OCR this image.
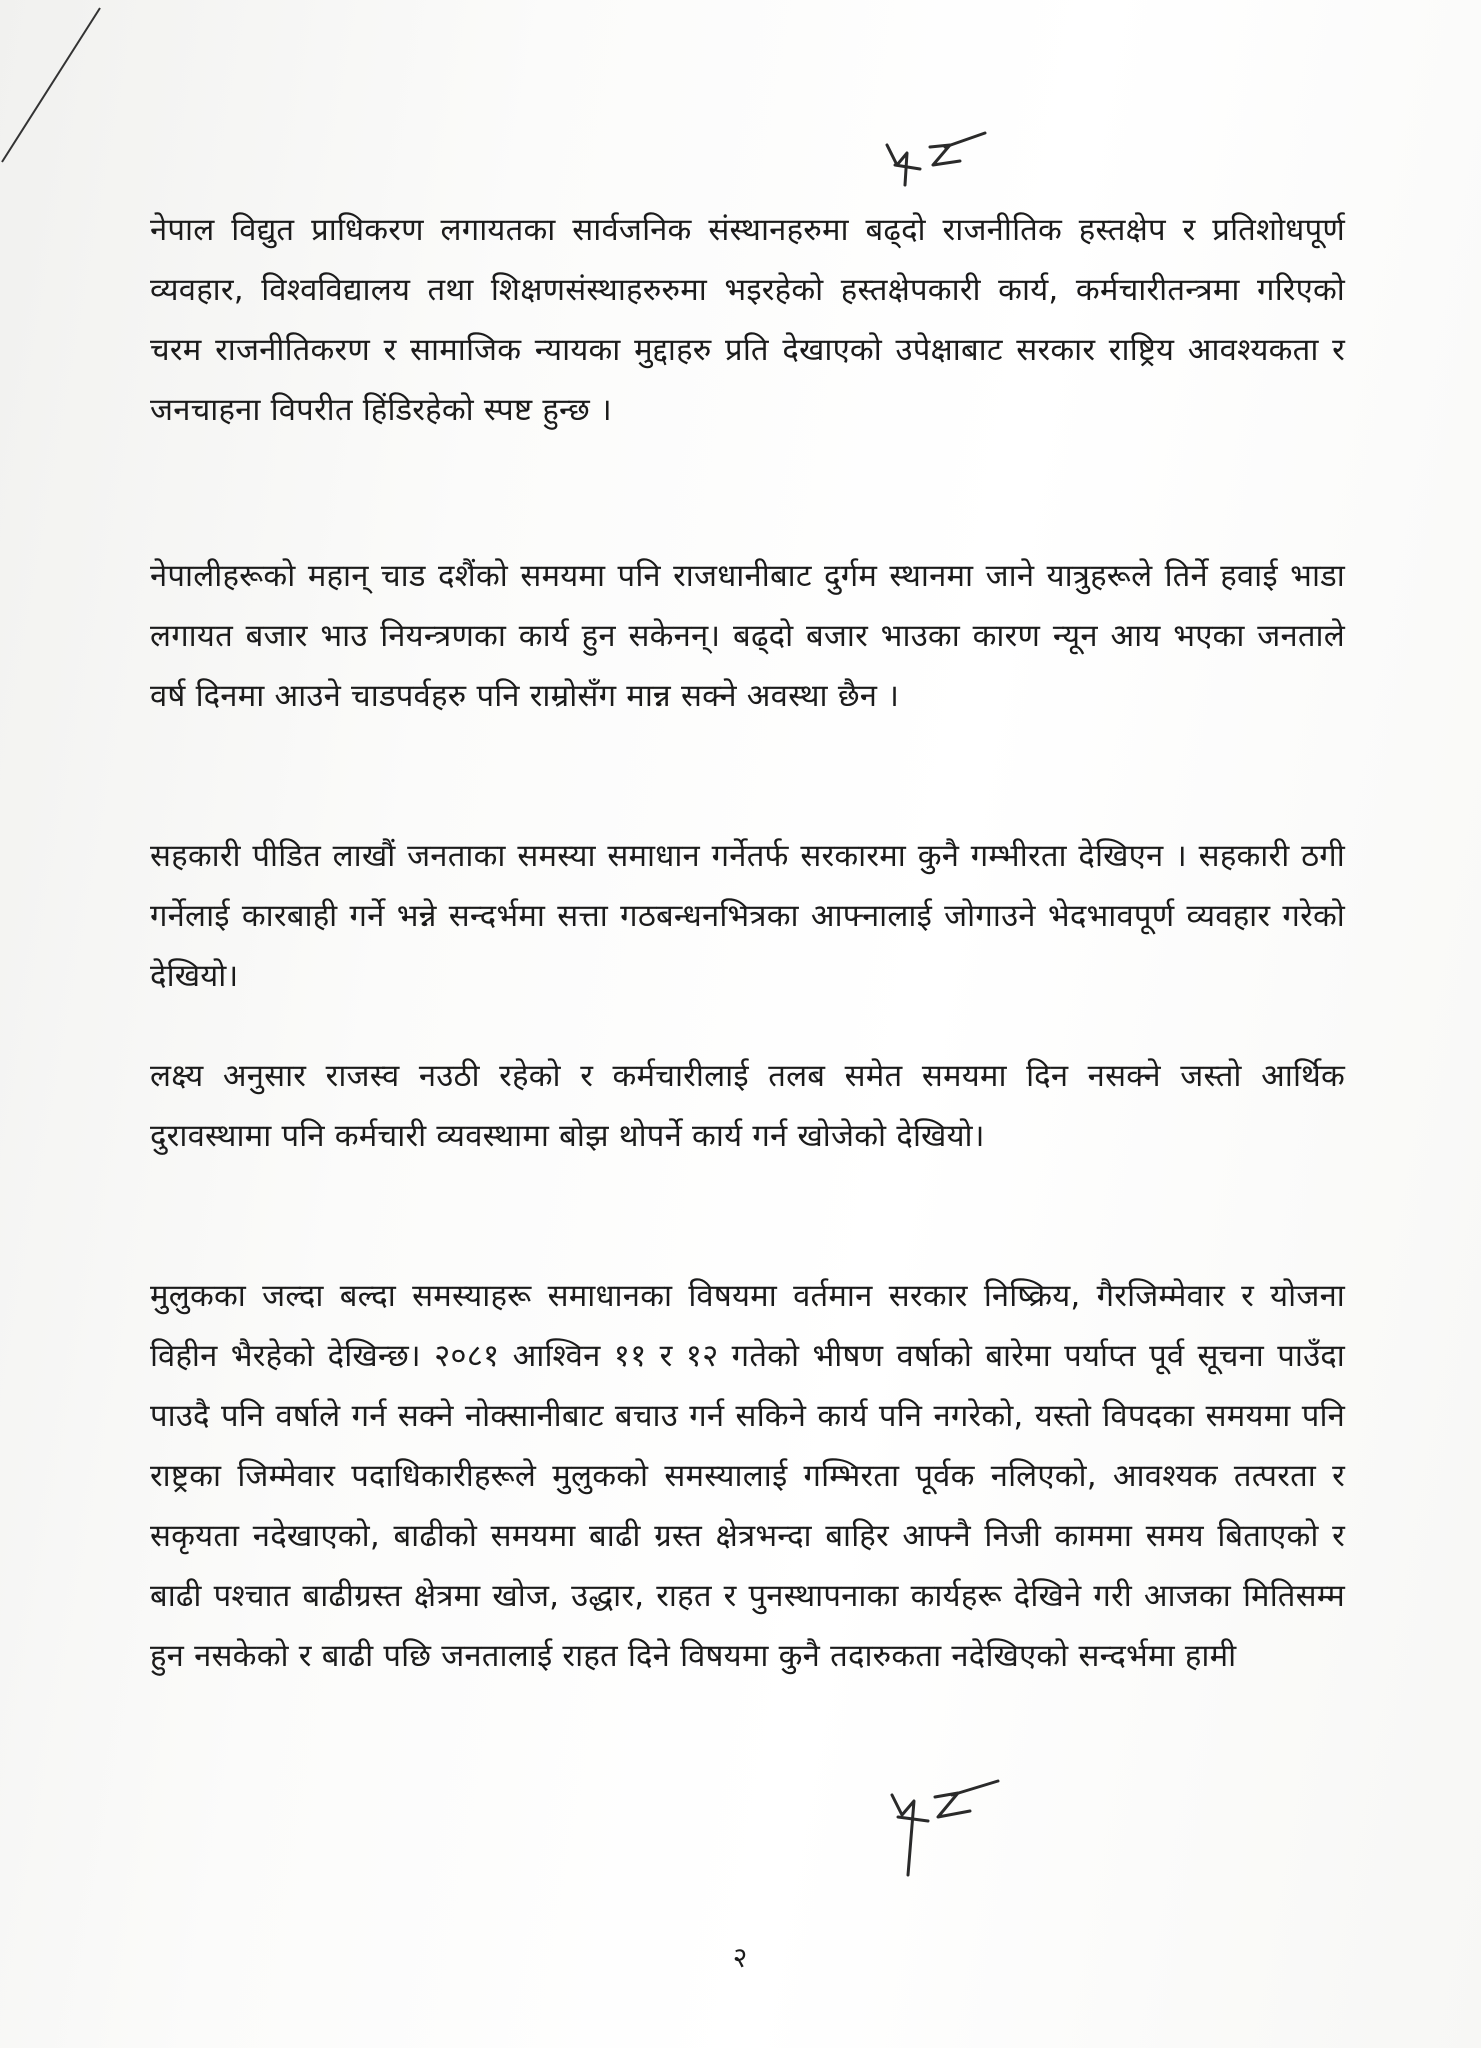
नेपाल विद्युत प्राधिकरण लगायतका सार्वजनिक संस्थानहरुमा बढ्दो राजनीतिक हस्तक्षेप र प्रतिशोधपूर्ण व्यवहार, विश्वविद्यालय तथा शिक्षणसंस्थाहरुरुमा भइरहेको हस्तक्षेपकारी कार्य, कर्मचारीतन्त्रमा गरिएको चरम राजनीतिकरण र सामाजिक न्यायका मुद्दाहरु प्रति देखाएको उपेक्षाबाट सरकार राष्ट्रिय आवश्यकता र जनचाहना विपरीत हिंडिरहेको स्पष्ट हुन्छ ।
नेपालीहरूको महान् चाड दशैंको समयमा पनि राजधानीबाट दुर्गम स्थानमा जाने यात्रुहरूले तिर्ने हवाई भाडा लगायत बजार भाउ नियन्त्रणका कार्य हुन सकेनन्। बढ्दो बजार भाउका कारण न्यून आय भएका जनताले वर्ष दिनमा आउने चाडपर्वहरु पनि राम्रोसँग मान्न सक्ने अवस्था छैन ।
सहकारी पीडित लाखौं जनताका समस्या समाधान गर्नेतर्फ सरकारमा कुनै गम्भीरता देखिएन । सहकारी ठगी गर्नेलाई कारबाही गर्ने भन्ने सन्दर्भमा सत्ता गठबन्धनभित्रका आफ्नालाई जोगाउने भेदभावपूर्ण व्यवहार गरेको देखियो।
लक्ष्य अनुसार राजस्व नउठी रहेको र कर्मचारीलाई तलब समेत समयमा दिन नसक्ने जस्तो आर्थिक दुरावस्थामा पनि कर्मचारी व्यवस्थामा बोझ थोपर्ने कार्य गर्न खोजेको देखियो।
मुलुकका जल्दा बल्दा समस्याहरू समाधानका विषयमा वर्तमान सरकार निष्क्रिय, गैरजिम्मेवार र योजना विहीन भैरहेको देखिन्छ। २०८१ आश्विन ११ र १२ गतेको भीषण वर्षाको बारेमा पर्याप्त पूर्व सूचना पाउँदा पाउदै पनि वर्षाले गर्न सक्ने नोक्सानीबाट बचाउ गर्न सकिने कार्य पनि नगरेको, यस्तो विपदका समयमा पनि राष्ट्रका जिम्मेवार पदाधिकारीहरूले मुलुकको समस्यालाई गम्भिरता पूर्वक नलिएको, आवश्यक तत्परता र सकृयता नदेखाएको, बाढीको समयमा बाढी ग्रस्त क्षेत्रभन्दा बाहिर आफ्नै निजी काममा समय बिताएको र बाढी पश्चात बाढीग्रस्त क्षेत्रमा खोज, उद्धार, राहत र पुनस्थापनाका कार्यहरू देखिने गरी आजका मितिसम्म हुन नसकेको र बाढी पछि जनतालाई राहत दिने विषयमा कुनै तदारुकता नदेखिएको सन्दर्भमा हामी
२
